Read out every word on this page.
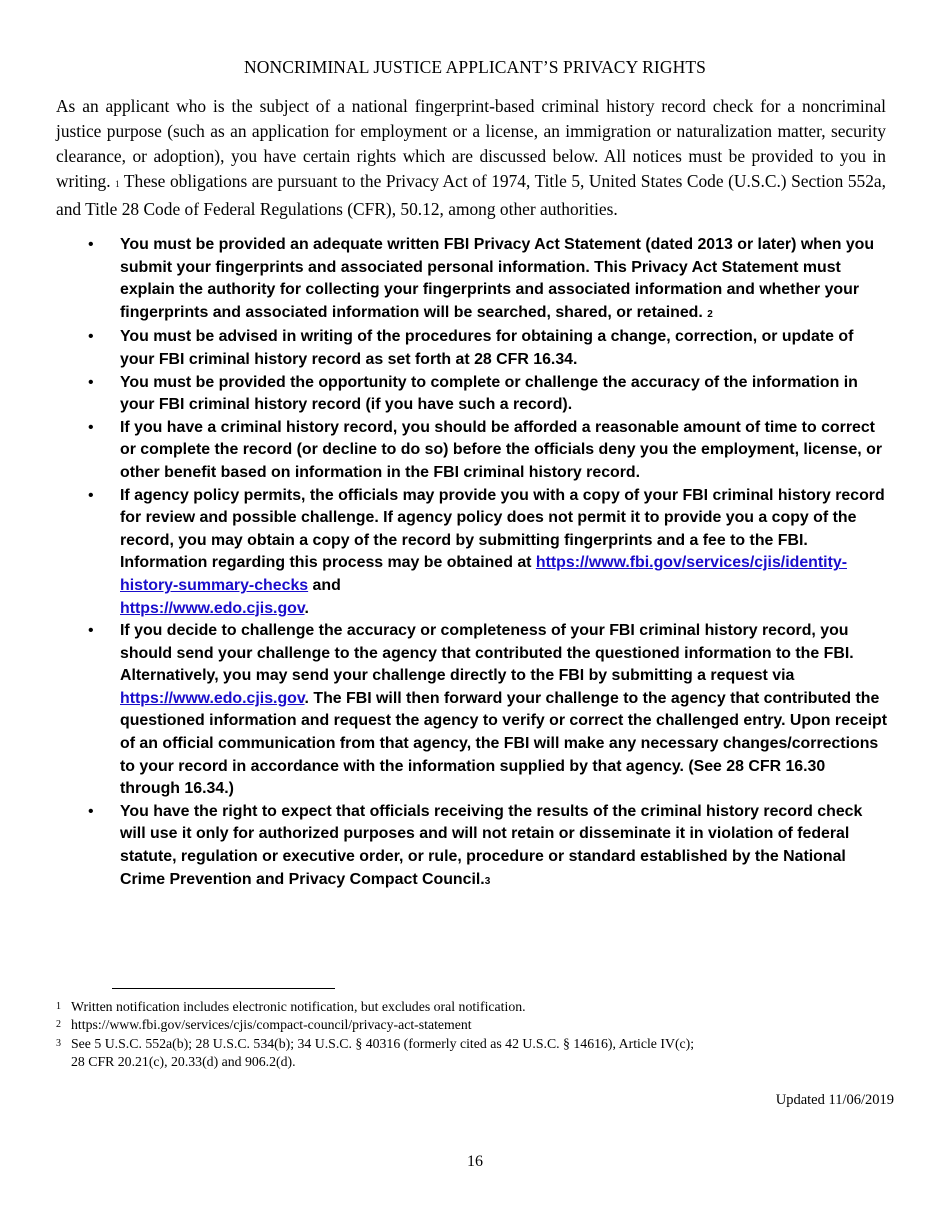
NONCRIMINAL JUSTICE APPLICANT’S PRIVACY RIGHTS

As an applicant who is the subject of a national fingerprint-based criminal history record check for a noncriminal justice purpose (such as an application for employment or a license, an immigration or naturalization matter, security clearance, or adoption), you have certain rights which are discussed below. All notices must be provided to you in writing. 1 These obligations are pursuant to the Privacy Act of 1974, Title 5, United States Code (U.S.C.) Section 552a, and Title 28 Code of Federal Regulations (CFR), 50.12, among other authorities.

•	You must be provided an adequate written FBI Privacy Act Statement (dated 2013 or later) when you submit your fingerprints and associated personal information. This Privacy Act Statement must explain the authority for collecting your fingerprints and associated information and whether your fingerprints and associated information will be searched, shared, or retained. 2
•	You must be advised in writing of the procedures for obtaining a change, correction, or update of your FBI criminal history record as set forth at 28 CFR 16.34.
•	You must be provided the opportunity to complete or challenge the accuracy of the information in your FBI criminal history record (if you have such a record).
•	If you have a criminal history record, you should be afforded a reasonable amount of time to correct or complete the record (or decline to do so) before the officials deny you the employment, license, or other benefit based on information in the FBI criminal history record.
•	If agency policy permits, the officials may provide you with a copy of your FBI criminal history record for review and possible challenge. If agency policy does not permit it to provide you a copy of the record, you may obtain a copy of the record by submitting fingerprints and a fee to the FBI. Information regarding this process may be obtained at https://www.fbi.gov/services/cjis/identity-history-summary-checks and
https://www.edo.cjis.gov.
•	If you decide to challenge the accuracy or completeness of your FBI criminal history record, you should send your challenge to the agency that contributed the questioned information to the FBI. Alternatively, you may send your challenge directly to the FBI by submitting a request via https://www.edo.cjis.gov. The FBI will then forward your challenge to the agency that contributed the questioned information and request the agency to verify or correct the challenged entry. Upon receipt of an official communication from that agency, the FBI will make any necessary changes/corrections to your record in accordance with the information supplied by that agency. (See 28 CFR 16.30 through 16.34.)
•	You have the right to expect that officials receiving the results of the criminal history record check will use it only for authorized purposes and will not retain or disseminate it in violation of federal statute, regulation or executive order, or rule, procedure or standard established by the National Crime Prevention and Privacy Compact Council.3
1 Written notification includes electronic notification, but excludes oral notification.
2 https://www.fbi.gov/services/cjis/compact-council/privacy-act-statement
3 See 5 U.S.C. 552a(b); 28 U.S.C. 534(b); 34 U.S.C. § 40316 (formerly cited as 42 U.S.C. § 14616), Article IV(c);
28 CFR 20.21(c), 20.33(d) and 906.2(d).
Updated 11/06/2019
16
